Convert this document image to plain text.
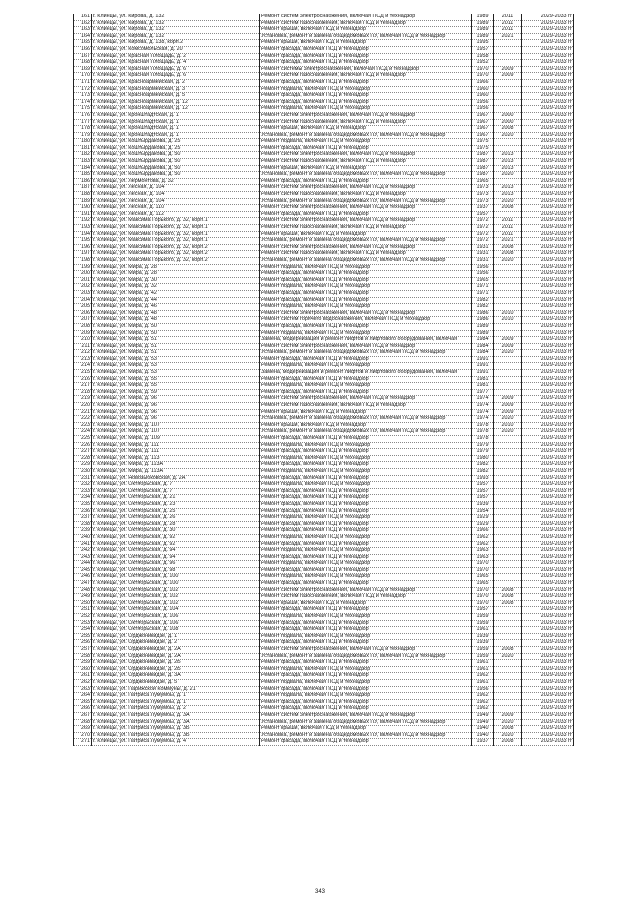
161	г. Клинцы, ул. Кирова, д. 132	Ремонт систем электроснабжения, включая ПСД и технадзор	1989	2011	2029-2033 гг
162	г. Клинцы, ул. Кирова, д. 132	Ремонт систем газоснабжения, включая ПСД и технадзор	1989	2011	2029-2033 гг
163	г. Клинцы, ул. Кирова, д. 132	Ремонт крыши, включая ПСД и технадзор	1989	2011	2029-2033 гг
164	г. Клинцы, ул. Кирова, д. 132	Установка, ремонт и замена общедомовых ПУ, включая ПСД и технадзор	1989	2021	2029-2033 гг
165	г. Клинцы, ул. Кирова, д. 138, корп.2	Ремонт крыши, включая ПСД и технадзор	1995		2029-2033 гг
166	г. Клинцы, ул. Комсомольская, д. 20	Ремонт фасада, включая ПСД и технадзор	1957		2029-2033 гг
167	г. Клинцы, ул. Красная Площадь, д. 2	Ремонт фасада, включая ПСД и технадзор	1958		2029-2033 гг
168	г. Клинцы, ул. Красная Площадь, д. 4	Ремонт фасада, включая ПСД и технадзор	1952		2029-2033 гг
169	г. Клинцы, ул. Красная Площадь, д. 6	Ремонт системы электроснабжения, включая ПСД и технадзор	1970	2009	2029-2033 гг
170	г. Клинцы, ул. Красная Площадь, д. 6	Ремонт систем газоснабжения, включая ПСД и технадзор	1970	2009	2029-2033 гг
171	г. Клинцы, ул. Красноармейская, д. 2	Ремонт фасада, включая ПСД и технадзор	1966		2029-2033 гг
172	г. Клинцы, ул. Красноармейская, д. 3	Ремонт подвала, включая ПСД и технадзор	1960		2029-2033 гг
173	г. Клинцы, ул. Красноармейская, д. 5	Ремонт фасада, включая ПСД и технадзор	1960		2029-2033 гг
174	г. Клинцы, ул. Красноармейская, д. 12	Ремонт фасада, включая ПСД и технадзор	1956		2029-2033 гг
175	г. Клинцы, ул. Красноармейская, д. 12	Ремонт подвала, включая ПСД и технадзор	1956		2029-2033 гг
176	г. Клинцы, ул. Кронштадтская, д. 1	Ремонт систем электроснабжения, включая ПСД и технадзор	1967	2000	2029-2033 гг
177	г. Клинцы, ул. Кронштадтская, д. 1	Ремонт систем газоснабжения, включая ПСД и технадзор	1967	2000	2029-2033 гг
178	г. Клинцы, ул. Кронштадтская, д. 1	Ремонт крыши, включая ПСД и технадзор	1967	2008	2029-2033 гг
179	г. Клинцы, ул. Кронштадтская, д. 1	Установка, ремонт и замена общедомовых ПУ, включая ПСД и технадзор	1967	2020	2029-2033 гг
180	г. Клинцы, ул. Коштырдакова, д. 25	Ремонт подвала, включая ПСД и технадзор	1975		2029-2033 гг
181	г. Клинцы, ул. Коштырдакова, д. 25	Ремонт фасада, включая ПСД и технадзор	1975		2029-2033 гг
182	г. Клинцы, ул. Коштырдакова, д. 50	Ремонт систем электроснабжения, включая ПСД и технадзор	1987	2013	2029-2033 гг
183	г. Клинцы, ул. Коштырдакова, д. 50	Ремонт систем газоснабжения, включая ПСД и технадзор	1987	2013	2029-2033 гг
184	г. Клинцы, ул. Коштырдакова, д. 50	Ремонт крыши, включая ПСД и технадзор	1987	2013	2029-2033 гг
185	г. Клинцы, ул. Коштырдакова, д. 50	Установка, ремонт и замена общедомовых ПУ, включая ПСД и технадзор	1987	2020	2029-2033 гг
186	г. Клинцы, ул. Лермонтова, д. 32	Ремонт фасада, включая ПСД и технадзор	1965		2029-2033 гг
187	г. Клинцы, ул. Лесная, д. 104	Ремонт систем электроснабжения, включая ПСД и технадзор	1973	2013	2029-2033 гг
188	г. Клинцы, ул. Лесная, д. 104	Ремонт систем газоснабжения, включая ПСД и технадзор	1973	2013	2029-2033 гг
189	г. Клинцы, ул. Лесная, д. 104	Установка, ремонт и замена общедомовых ПУ, включая ПСД и технадзор	1973	2020	2029-2033 гг
190	г. Клинцы, ул. Лесная, д. 110	Ремонт систем электроснабжения, включая ПСД и технадзор	1937	2008	2029-2033 гг
191	г. Клинцы, ул. Лесная, д. 112	Ремонт фасада, включая ПСД и технадзор	1957		2029-2033 гг
192	г. Клинцы, ул. Максима Горького, д. 32, корп.1	Ремонт систем электроснабжения, включая ПСД и технадзор	1972	2011	2029-2033 гг
193	г. Клинцы, ул. Максима Горького, д. 32, корп.1	Ремонт систем газоснабжения, включая ПСД и технадзор	1972	2011	2029-2033 гг
194	г. Клинцы, ул. Максима Горького, д. 32, корп.1	Ремонт крыши, включая ПСД и технадзор	1972	2011	2029-2033 гг
195	г. Клинцы, ул. Максима Горького, д. 32, корп.1	Установка, ремонт и замена общедомовых ПУ, включая ПСД и технадзор	1972	2021	2029-2033 гг
196	г. Клинцы, ул. Максима Горького, д. 32, корп.2	Ремонт систем электроснабжения, включая ПСД и технадзор	1931	2008	2029-2033 гг
197	г. Клинцы, ул. Максима Горького, д. 32, корп.2	Ремонт систем газоснабжения, включая ПСД и технадзор	1931	2008	2029-2033 гг
198	г. Клинцы, ул. Максима Горького, д. 32, корп.2	Установка, ремонт и замена общедомовых ПУ, включая ПСД и технадзор	1931	2020	2029-2033 гг
199	г. Клинцы, ул. Мира, д. 28	Ремонт подвала, включая ПСД и технадзор	1956		2029-2033 гг
200	г. Клинцы, ул. Мира, д. 28	Ремонт фасада, включая ПСД и технадзор	1956		2029-2033 гг
201	г. Клинцы, ул. Мира, д. 30	Ремонт фасада, включая ПСД и технадзор	1965		2029-2033 гг
202	г. Клинцы, ул. Мира, д. 32	Ремонт подвала, включая ПСД и технадзор	1971		2029-2033 гг
203	г. Клинцы, ул. Мира, д. 42	Ремонт фасада, включая ПСД и технадзор	1971		2029-2033 гг
204	г. Клинцы, ул. Мира, д. 44	Ремонт фасада, включая ПСД и технадзор	1982		2029-2033 гг
205	г. Клинцы, ул. Мира, д. 46	Ремонт подвала, включая ПСД и технадзор	1982		2029-2033 гг
206	г. Клинцы, ул. Мира, д. 48	Ремонт систем электроснабжения, включая ПСД и технадзор	1986	2010	2029-2033 гг
207	г. Клинцы, ул. Мира, д. 48	Ремонт систем горячего водоснабжения, включая ПСД и технадзор	1986	2010	2029-2033 гг
208	г. Клинцы, ул. Мира, д. 50	Ремонт фасада, включая ПСД и технадзор	1989		2029-2033 гг
209	г. Клинцы, ул. Мира, д. 50	Ремонт подвала, включая ПСД и технадзор	1989		2029-2033 гг
210	г. Клинцы, ул. Мира, д. 51	Замена, модернизация и ремонт лифтов и лифтового оборудования, включая	1984	2009	2029-2033 гг
211	г. Клинцы, ул. Мира, д. 51	Ремонт систем электроснабжения, включая ПСД и технадзор	1984	2009	2029-2033 гг
212	г. Клинцы, ул. Мира, д. 51	Установка, ремонт и замена общедомовых ПУ, включая ПСД и технадзор	1984	2020	2029-2033 гг
213	г. Клинцы, ул. Мира, д. 53	Ремонт фасада, включая ПСД и технадзор	1991		2029-2033 гг
214	г. Клинцы, ул. Мира, д. 53	Ремонт подвала, включая ПСД и технадзор	1991		2029-2033 гг
215	г. Клинцы, ул. Мира, д. 53	Замена, модернизация и ремонт лифтов и лифтового оборудования, включая	1991		2029-2033 гг
216	г. Клинцы, ул. Мира, д. 55	Ремонт фасада, включая ПСД и технадзор	1981		2029-2033 гг
217	г. Клинцы, ул. Мира, д. 55	Ремонт подвала, включая ПСД и технадзор	1981		2029-2033 гг
218	г. Клинцы, ул. Мира, д. 59	Ремонт фасада, включая ПСД и технадзор	1977		2029-2033 гг
219	г. Клинцы, ул. Мира, д. 96	Ремонт систем электроснабжения, включая ПСД и технадзор	1974	2009	2029-2033 гг
220	г. Клинцы, ул. Мира, д. 96	Ремонт систем газоснабжения, включая ПСД и технадзор	1974	2009	2029-2033 гг
221	г. Клинцы, ул. Мира, д. 96	Ремонт крыши, включая ПСД и технадзор	1974	2009	2029-2033 гг
222	г. Клинцы, ул. Мира, д. 96	Установка, ремонт и замена общедомовых ПУ, включая ПСД и технадзор	1974	2020	2029-2033 гг
223	г. Клинцы, ул. Мира, д. 107	Ремонт крыши, включая ПСД и технадзор	1978	2010	2029-2033 гг
224	г. Клинцы, ул. Мира, д. 107	Установка, ремонт и замена общедомовых ПУ, включая ПСД и технадзор	1978	2020	2029-2033 гг
225	г. Клинцы, ул. Мира, д. 109	Ремонт фасада, включая ПСД и технадзор	1978		2029-2033 гг
226	г. Клинцы, ул. Мира, д. 111	Ремонт подвала, включая ПСД и технадзор	1979		2029-2033 гг
227	г. Клинцы, ул. Мира, д. 111	Ремонт фасада, включая ПСД и технадзор	1979		2029-2033 гг
228	г. Клинцы, ул. Мира, д. 113	Ремонт подвала, включая ПСД и технадзор	1980		2029-2033 гг
229	г. Клинцы, ул. Мира, д. 113А	Ремонт фасада, включая ПСД и технадзор	1982		2029-2033 гг
230	г. Клинцы, ул. Мира, д. 113А	Ремонт подвала, включая ПСД и технадзор	1982		2029-2033 гг
231	г. Клинцы, ул. Новозыбковская, д. 2А	Ремонт фасада, включая ПСД и технадзор	1993		2029-2033 гг
232	г. Клинцы, ул. Октябрьская, д. 7	Ремонт подвала, включая ПСД и технадзор	1957		2029-2033 гг
233	г. Клинцы, ул. Октябрьская, д. 7	Ремонт фасада, включая ПСД и технадзор	1957		2029-2033 гг
234	г. Клинцы, ул. Октябрьская, д. 21	Ремонт фасада, включая ПСД и технадзор	1957		2029-2033 гг
235	г. Клинцы, ул. Октябрьская, д. 23	Ремонт фасада, включая ПСД и технадзор	1939		2029-2033 гг
236	г. Клинцы, ул. Октябрьская, д. 25	Ремонт фасада, включая ПСД и технадзор	1954		2029-2033 гг
237	г. Клинцы, ул. Октябрьская, д. 26	Ремонт подвала, включая ПСД и технадзор	1929		2029-2033 гг
238	г. Клинцы, ул. Октябрьская, д. 28	Ремонт фасада, включая ПСД и технадзор	1929		2029-2033 гг
239	г. Клинцы, ул. Октябрьская, д. 30	Ремонт фасада, включая ПСД и технадзор	1966		2029-2033 гг
240	г. Клинцы, ул. Октябрьская, д. 92	Ремонт подвала, включая ПСД и технадзор	1962		2029-2033 гг
241	г. Клинцы, ул. Октябрьская, д. 92	Ремонт фасада, включая ПСД и технадзор	1962		2029-2033 гг
242	г. Клинцы, ул. Октябрьская, д. 94	Ремонт подвала, включая ПСД и технадзор	1963		2029-2033 гг
243	г. Клинцы, ул. Октябрьская, д. 94	Ремонт фасада, включая ПСД и технадзор	1963		2029-2033 гг
244	г. Клинцы, ул. Октябрьская, д. 96	Ремонт подвала, включая ПСД и технадзор	1970		2029-2033 гг
245	г. Клинцы, ул. Октябрьская, д. 98	Ремонт фасада, включая ПСД и технадзор	1970		2029-2033 гг
246	г. Клинцы, ул. Октябрьская, д. 100	Ремонт подвала, включая ПСД и технадзор	1965		2029-2033 гг
247	г. Клинцы, ул. Октябрьская, д. 100	Ремонт фасада, включая ПСД и технадзор	1965		2029-2033 гг
248	г. Клинцы, ул. Октябрьская, д. 102	Ремонт систем электроснабжения, включая ПСД и технадзор	1970	2008	2029-2033 гг
249	г. Клинцы, ул. Октябрьская, д. 102	Ремонт систем газоснабжения, включая ПСД и технадзор	1970	2008	2029-2033 гг
250	г. Клинцы, ул. Октябрьская, д. 102	Ремонт крыши, включая ПСД и технадзор	1970	2008	2029-2033 гг
251	г. Клинцы, ул. Октябрьская, д. 104	Ремонт фасада, включая ПСД и технадзор	1957		2029-2033 гг
252	г. Клинцы, ул. Октябрьская, д. 106	Ремонт подвала, включая ПСД и технадзор	1959		2029-2033 гг
253	г. Клинцы, ул. Октябрьская, д. 106	Ремонт фасада, включая ПСД и технадзор	1959		2029-2033 гг
254	г. Клинцы, ул. Октябрьская, д. 108	Ремонт фасада, включая ПСД и технадзор	1961		2029-2033 гг
255	г. Клинцы, ул. Орджоникидзе, д. 1	Ремонт подвала, включая ПСД и технадзор	1939		2029-2033 гг
256	г. Клинцы, ул. Орджоникидзе, д. 2	Ремонт фасада, включая ПСД и технадзор	1939		2029-2033 гг
257	г. Клинцы, ул. Орджоникидзе, д. 2А	Ремонт систем электроснабжения, включая ПСД и технадзор	1959	2008	2029-2033 гг
258	г. Клинцы, ул. Орджоникидзе, д. 2А	Установка, ремонт и замена общедомовых ПУ, включая ПСД и технадзор	1959	2020	2029-2033 гг
259	г. Клинцы, ул. Орджоникидзе, д. 2Б	Ремонт фасада, включая ПСД и технадзор	1961		2029-2033 гг
260	г. Клинцы, ул. Орджоникидзе, д. 2Б	Ремонт подвала, включая ПСД и технадзор	1961		2029-2033 гг
261	г. Клинцы, ул. Орджоникидзе, д. 3А	Ремонт фасада, включая ПСД и технадзор	1962		2029-2033 гг
262	г. Клинцы, ул. Орджоникидзе, д. 5	Ремонт подвала, включая ПСД и технадзор	1961		2029-2033 гг
263	г. Клинцы, ул. Парижской Коммуны, д. 21	Ремонт фасада, включая ПСД и технадзор	1956		2029-2033 гг
264	г. Клинцы, ул. Патриса Лумумбы, д. 1	Ремонт подвала, включая ПСД и технадзор	1962		2029-2033 гг
265	г. Клинцы, ул. Патриса Лумумбы, д. 1	Ремонт фасада, включая ПСД и технадзор	1962		2029-2033 гг
266	г. Клинцы, ул. Патриса Лумумбы, д. 2	Ремонт фасада, включая ПСД и технадзор	1962		2029-2033 гг
267	г. Клинцы, ул. Патриса Лумумбы, д. 3А	Ремонт систем электроснабжения, включая ПСД и технадзор	1949	2009	2029-2033 гг
268	г. Клинцы, ул. Патриса Лумумбы, д. 3А	Установка, ремонт и замена общедомовых ПУ, включая ПСД и технадзор	1949	2020	2029-2033 гг
269	г. Клинцы, ул. Патриса Лумумбы, д. 3Б	Ремонт крыши, включая ПСД и технадзор	1940	2008	2029-2033 гг
270	г. Клинцы, ул. Патриса Лумумбы, д. 3Б	Установка, ремонт и замена общедомовых ПУ, включая ПСД и технадзор	1940	2020	2029-2033 гг
271	г. Клинцы, ул. Патриса Лумумбы, д. 4	Ремонт фасада, включая ПСД и технадзор	1937	2008	2029-2033 гг
343
